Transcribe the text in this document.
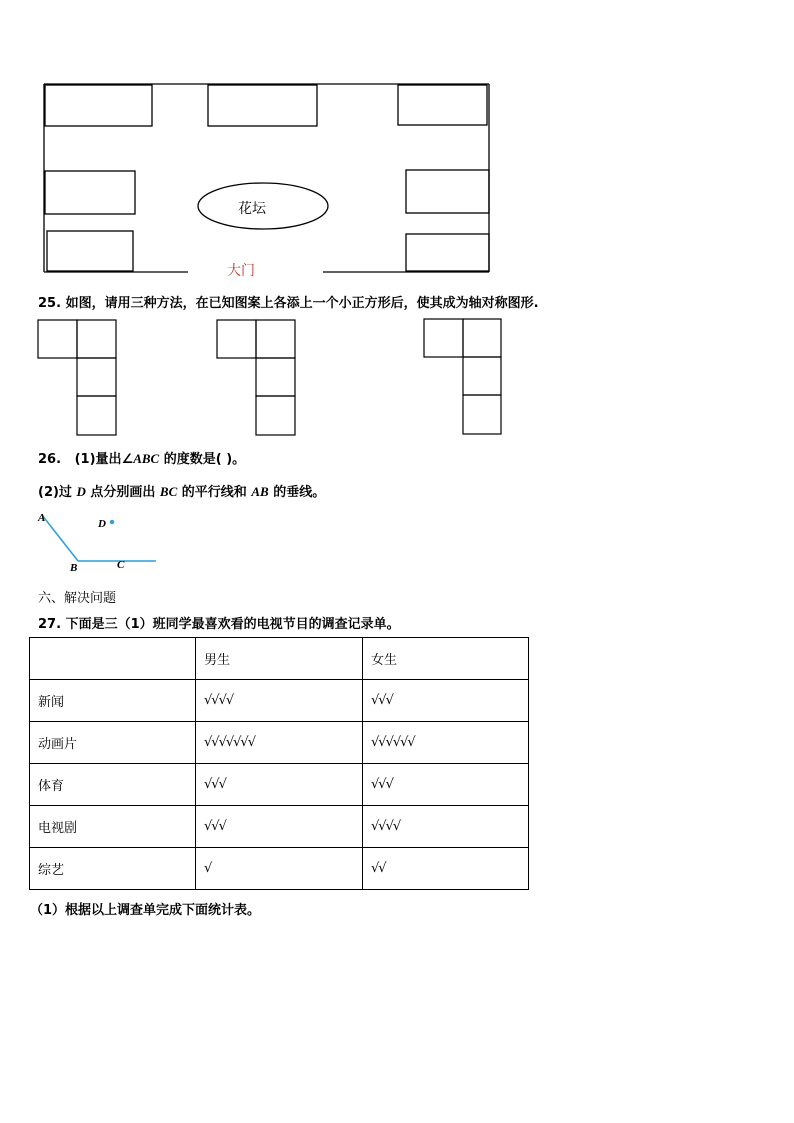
花坛
大门
25. 如图，请用三种方法，在已知图案上各添上一个小正方形后，使其成为轴对称图形.
26. (1)量出∠ABC 的度数是( )。
(2)过 D 点分别画出 BC 的平行线和 AB 的垂线。
A	D
B	C
六、解决问题
27. 下面是三（1）班同学最喜欢看的电视节目的调查记录单。
	男生	女生
新闻	√√√√	√√√
动画片	√√√√√√√	√√√√√√
体育	√√√	√√√
电视剧	√√√	√√√√
综艺	√	√√
（1）根据以上调查单完成下面统计表。
